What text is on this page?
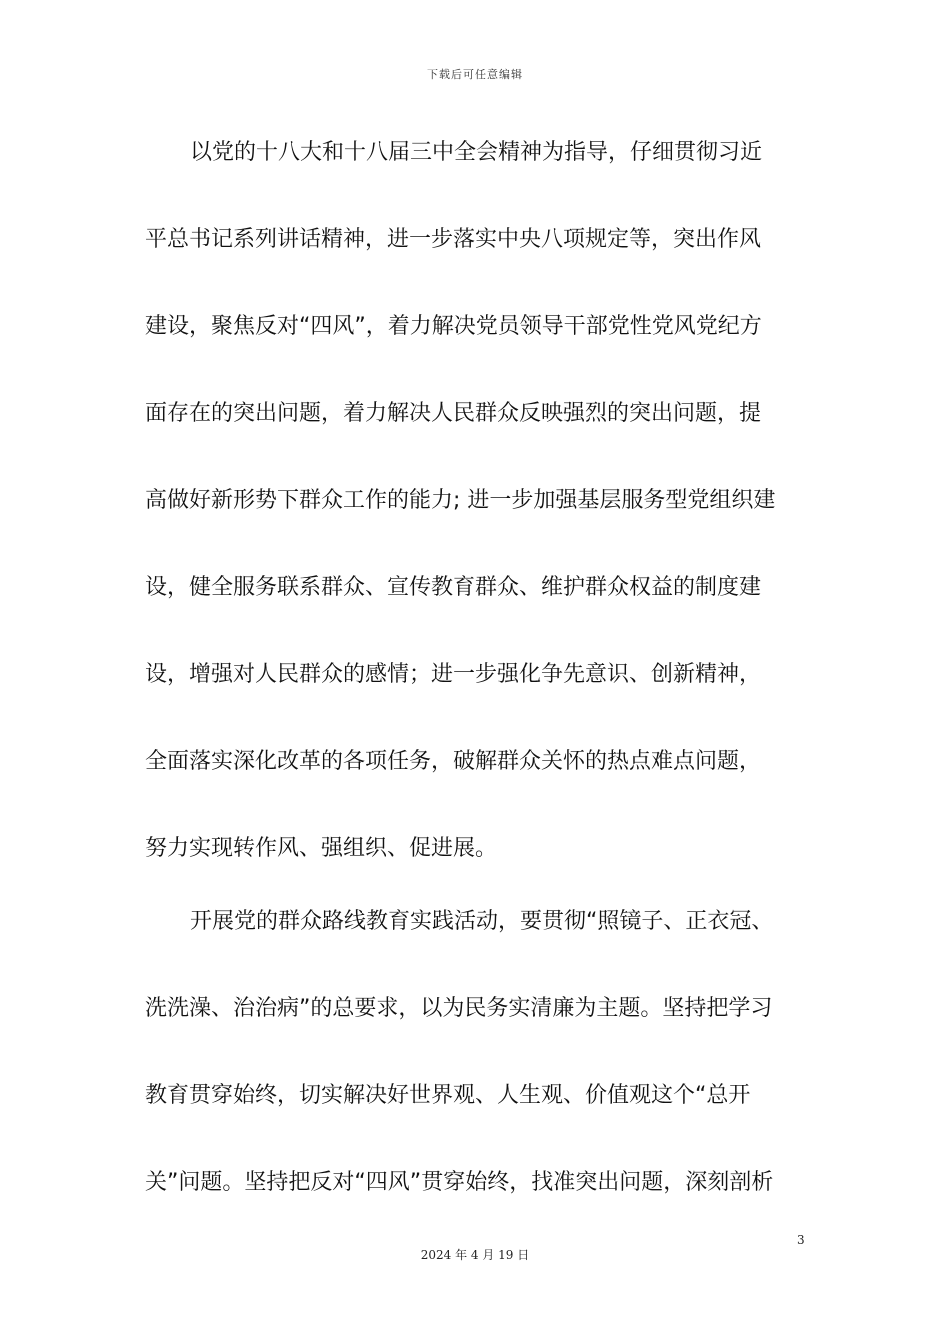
下载后可任意编辑
以党的十八大和十八届三中全会精神为指导，仔细贯彻习近
平总书记系列讲话精神，进一步落实中央八项规定等，突出作风
建设，聚焦反对“四风”，着力解决党员领导干部党性党风党纪方
面存在的突出问题，着力解决人民群众反映强烈的突出问题，提
高做好新形势下群众工作的能力; 进一步加强基层服务型党组织建
设，健全服务联系群众、宣传教育群众、维护群众权益的制度建
设，增强对人民群众的感情；进一步强化争先意识、创新精神，
全面落实深化改革的各项任务，破解群众关怀的热点难点问题，
努力实现转作风、强组织、促进展。
开展党的群众路线教育实践活动，要贯彻“照镜子、正衣冠、
洗洗澡、治治病”的总要求，以为民务实清廉为主题。坚持把学习
教育贯穿始终，切实解决好世界观、人生观、价值观这个“总开
关”问题。坚持把反对“四风”贯穿始终，找准突出问题，深刻剖析
3
2024 年 4 月 19 日
